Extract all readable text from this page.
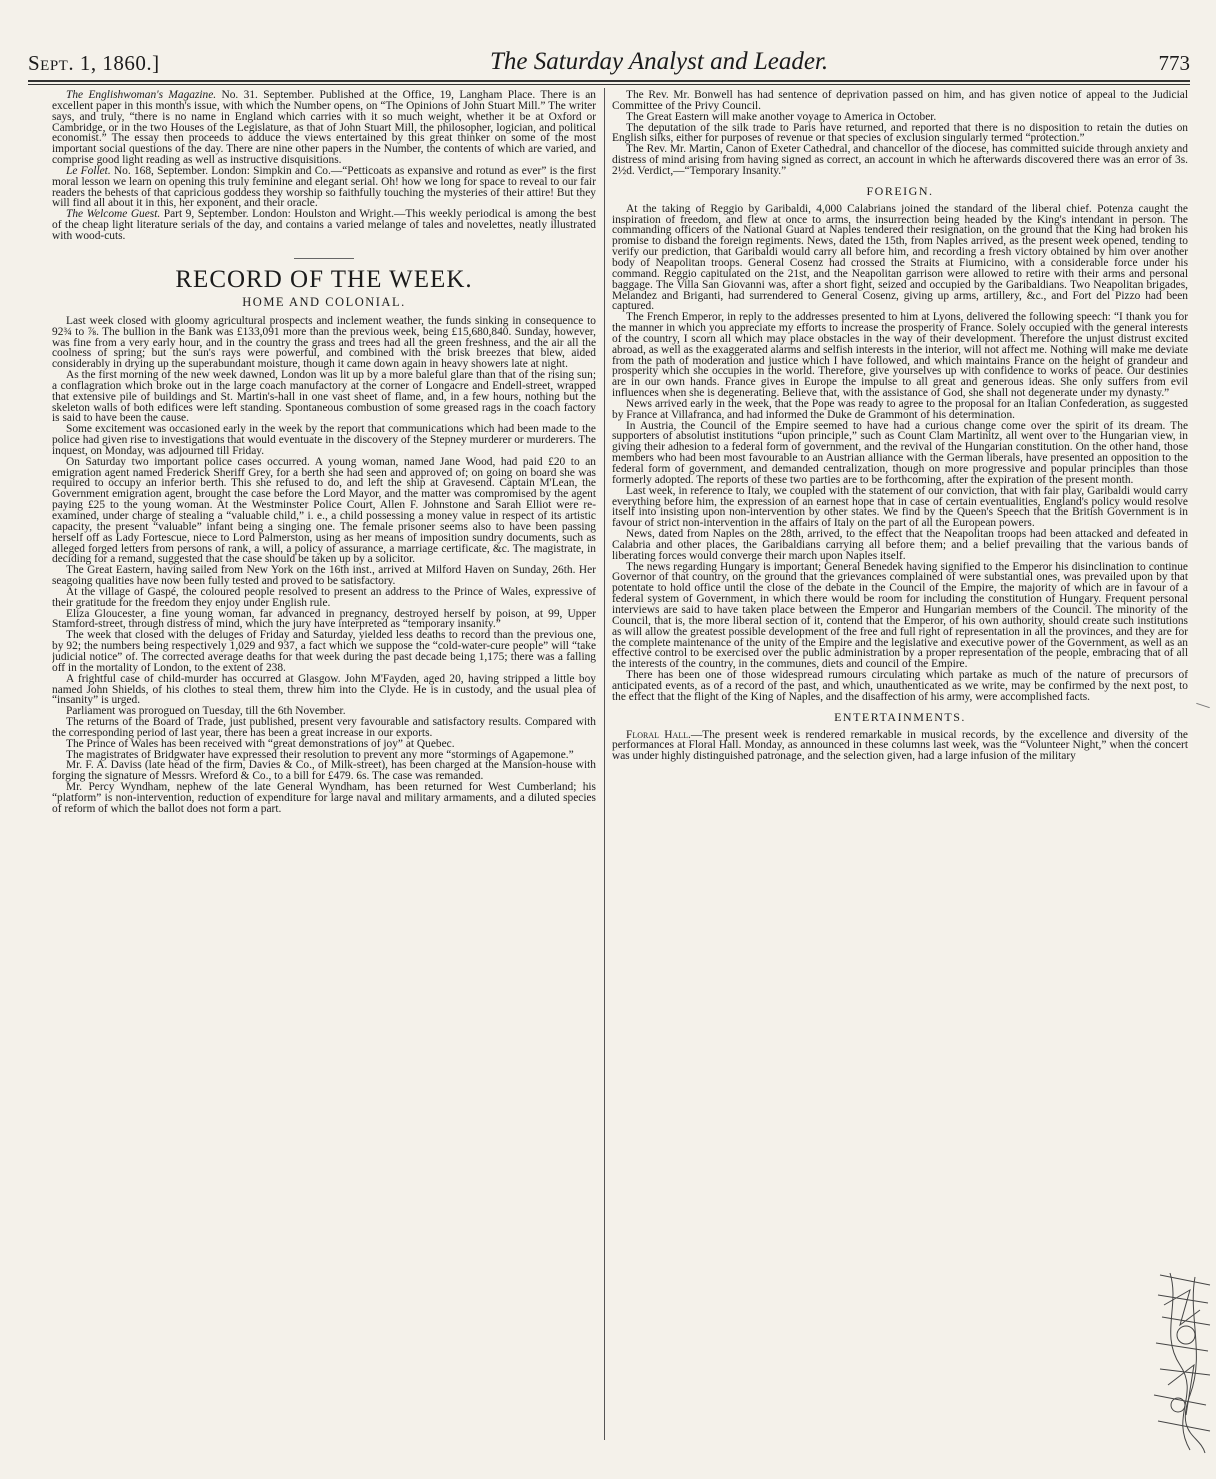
Sept. 1, 1860.]	The Saturday Analyst and Leader.	773

The Englishwoman's Magazine. No. 31. September. Published at the Office, 19, Langham Place. There is an excellent paper in this month's issue, with which the Number opens, on “The Opinions of John Stuart Mill.” The writer says, and truly, “there is no name in England which carries with it so much weight, whether it be at Oxford or Cambridge, or in the two Houses of the Legislature, as that of John Stuart Mill, the philosopher, logician, and political economist.” The essay then proceeds to adduce the views entertained by this great thinker on some of the most important social questions of the day. There are nine other papers in the Number, the contents of which are varied, and comprise good light reading as well as instructive disquisitions.

Le Follet. No. 168, September. London: Simpkin and Co.—“Petticoats as expansive and rotund as ever” is the first moral lesson we learn on opening this truly feminine and elegant serial. Oh! how we long for space to reveal to our fair readers the behests of that capricious goddess they worship so faithfully touching the mysteries of their attire! But they will find all about it in this, her exponent, and their oracle.

The Welcome Guest. Part 9, September. London: Houlston and Wright.—This weekly periodical is among the best of the cheap light literature serials of the day, and contains a varied melange of tales and novelettes, neatly illustrated with wood-cuts.

RECORD OF THE WEEK.
HOME AND COLONIAL.

Last week closed with gloomy agricultural prospects and inclement weather, the funds sinking in consequence to 92¾ to ⅞. The bullion in the Bank was £133,091 more than the previous week, being £15,680,840. Sunday, however, was fine from a very early hour, and in the country the grass and trees had all the green freshness, and the air all the coolness of spring; but the sun's rays were powerful, and combined with the brisk breezes that blew, aided considerably in drying up the superabundant moisture, though it came down again in heavy showers late at night.

As the first morning of the new week dawned, London was lit up by a more baleful glare than that of the rising sun; a conflagration which broke out in the large coach manufactory at the corner of Longacre and Endell-street, wrapped that extensive pile of buildings and St. Martin's-hall in one vast sheet of flame, and, in a few hours, nothing but the skeleton walls of both edifices were left standing. Spontaneous combustion of some greased rags in the coach factory is said to have been the cause.

Some excitement was occasioned early in the week by the report that communications which had been made to the police had given rise to investigations that would eventuate in the discovery of the Stepney murderer or murderers. The inquest, on Monday, was adjourned till Friday.

On Saturday two important police cases occurred. A young woman, named Jane Wood, had paid £20 to an emigration agent named Frederick Sheriff Grey, for a berth she had seen and approved of; on going on board she was required to occupy an inferior berth. This she refused to do, and left the ship at Gravesend. Captain M'Lean, the Government emigration agent, brought the case before the Lord Mayor, and the matter was compromised by the agent paying £25 to the young woman. At the Westminster Police Court, Allen F. Johnstone and Sarah Elliot were re-examined, under charge of stealing a “valuable child,” i. e., a child possessing a money value in respect of its artistic capacity, the present “valuable” infant being a singing one. The female prisoner seems also to have been passing herself off as Lady Fortescue, niece to Lord Palmerston, using as her means of imposition sundry documents, such as alleged forged letters from persons of rank, a will, a policy of assurance, a marriage certificate, &c. The magistrate, in deciding for a remand, suggested that the case should be taken up by a solicitor.

The Great Eastern, having sailed from New York on the 16th inst., arrived at Milford Haven on Sunday, 26th. Her seagoing qualities have now been fully tested and proved to be satisfactory.

At the village of Gaspé, the coloured people resolved to present an address to the Prince of Wales, expressive of their gratitude for the freedom they enjoy under English rule.

Eliza Gloucester, a fine young woman, far advanced in pregnancy, destroyed herself by poison, at 99, Upper Stamford-street, through distress of mind, which the jury have interpreted as “temporary insanity.”

The week that closed with the deluges of Friday and Saturday, yielded less deaths to record than the previous one, by 92; the numbers being respectively 1,029 and 937, a fact which we suppose the “cold-water-cure people” will “take judicial notice” of. The corrected average deaths for that week during the past decade being 1,175; there was a falling off in the mortality of London, to the extent of 238.

A frightful case of child-murder has occurred at Glasgow. John M'Fayden, aged 20, having stripped a little boy named John Shields, of his clothes to steal them, threw him into the Clyde. He is in custody, and the usual plea of “insanity” is urged.

Parliament was prorogued on Tuesday, till the 6th November.

The returns of the Board of Trade, just published, present very favourable and satisfactory results. Compared with the corresponding period of last year, there has been a great increase in our exports.

The Prince of Wales has been received with “great demonstrations of joy” at Quebec.

The magistrates of Bridgwater have expressed their resolution to prevent any more “stormings of Agapemone.”

Mr. F. A. Daviss (late head of the firm, Davies & Co., of Milk-street), has been charged at the Mansion-house with forging the signature of Messrs. Wreford & Co., to a bill for £479. 6s. The case was remanded.

Mr. Percy Wyndham, nephew of the late General Wyndham, has been returned for West Cumberland; his “platform” is non-intervention, reduction of expenditure for large naval and military armaments, and a diluted species of reform of which the ballot does not form a part.

The Rev. Mr. Bonwell has had sentence of deprivation passed on him, and has given notice of appeal to the Judicial Committee of the Privy Council.

The Great Eastern will make another voyage to America in October.

The deputation of the silk trade to Paris have returned, and reported that there is no disposition to retain the duties on English silks, either for purposes of revenue or that species of exclusion singularly termed “protection.”

The Rev. Mr. Martin, Canon of Exeter Cathedral, and chancellor of the diocese, has committed suicide through anxiety and distress of mind arising from having signed as correct, an account in which he afterwards discovered there was an error of 3s. 2½d. Verdict,—“Temporary Insanity.”

FOREIGN.

At the taking of Reggio by Garibaldi, 4,000 Calabrians joined the standard of the liberal chief. Potenza caught the inspiration of freedom, and flew at once to arms, the insurrection being headed by the King's intendant in person. The commanding officers of the National Guard at Naples tendered their resignation, on the ground that the King had broken his promise to disband the foreign regiments. News, dated the 15th, from Naples arrived, as the present week opened, tending to verify our prediction, that Garibaldi would carry all before him, and recording a fresh victory obtained by him over another body of Neapolitan troops. General Cosenz had crossed the Straits at Fiumicino, with a considerable force under his command. Reggio capitulated on the 21st, and the Neapolitan garrison were allowed to retire with their arms and personal baggage. The Villa San Giovanni was, after a short fight, seized and occupied by the Garibaldians. Two Neapolitan brigades, Melandez and Briganti, had surrendered to General Cosenz, giving up arms, artillery, &c., and Fort del Pizzo had been captured.

The French Emperor, in reply to the addresses presented to him at Lyons, delivered the following speech: “I thank you for the manner in which you appreciate my efforts to increase the prosperity of France. Solely occupied with the general interests of the country, I scorn all which may place obstacles in the way of their development. Therefore the unjust distrust excited abroad, as well as the exaggerated alarms and selfish interests in the interior, will not affect me. Nothing will make me deviate from the path of moderation and justice which I have followed, and which maintains France on the height of grandeur and prosperity which she occupies in the world. Therefore, give yourselves up with confidence to works of peace. Our destinies are in our own hands. France gives in Europe the impulse to all great and generous ideas. She only suffers from evil influences when she is degenerating. Believe that, with the assistance of God, she shall not degenerate under my dynasty.”

News arrived early in the week, that the Pope was ready to agree to the proposal for an Italian Confederation, as suggested by France at Villafranca, and had informed the Duke de Grammont of his determination.

In Austria, the Council of the Empire seemed to have had a curious change come over the spirit of its dream. The supporters of absolutist institutions “upon principle,” such as Count Clam Martinitz, all went over to the Hungarian view, in giving their adhesion to a federal form of government, and the revival of the Hungarian constitution. On the other hand, those members who had been most favourable to an Austrian alliance with the German liberals, have presented an opposition to the federal form of government, and demanded centralization, though on more progressive and popular principles than those formerly adopted. The reports of these two parties are to be forthcoming, after the expiration of the present month.

Last week, in reference to Italy, we coupled with the statement of our conviction, that with fair play, Garibaldi would carry everything before him, the expression of an earnest hope that in case of certain eventualities, England's policy would resolve itself into insisting upon non-intervention by other states. We find by the Queen's Speech that the British Government is in favour of strict non-intervention in the affairs of Italy on the part of all the European powers.

News, dated from Naples on the 28th, arrived, to the effect that the Neapolitan troops had been attacked and defeated in Calabria and other places, the Garibaldians carrying all before them; and a belief prevailing that the various bands of liberating forces would converge their march upon Naples itself.

The news regarding Hungary is important; General Benedek having signified to the Emperor his disinclination to continue Governor of that country, on the ground that the grievances complained of were substantial ones, was prevailed upon by that potentate to hold office until the close of the debate in the Council of the Empire, the majority of which are in favour of a federal system of Government, in which there would be room for including the constitution of Hungary. Frequent personal interviews are said to have taken place between the Emperor and Hungarian members of the Council. The minority of the Council, that is, the more liberal section of it, contend that the Emperor, of his own authority, should create such institutions as will allow the greatest possible development of the free and full right of representation in all the provinces, and they are for the complete maintenance of the unity of the Empire and the legislative and executive power of the Government, as well as an effective control to be exercised over the public administration by a proper representation of the people, embracing that of all the interests of the country, in the communes, diets and council of the Empire.

There has been one of those widespread rumours circulating which partake as much of the nature of precursors of anticipated events, as of a record of the past, and which, unauthenticated as we write, may be confirmed by the next post, to the effect that the flight of the King of Naples, and the disaffection of his army, were accomplished facts.

ENTERTAINMENTS.

Floral Hall.—The present week is rendered remarkable in musical records, by the excellence and diversity of the performances at Floral Hall. Monday, as announced in these columns last week, was the “Volunteer Night,” when the concert was under highly distinguished patronage, and the selection given, had a large infusion of the military
